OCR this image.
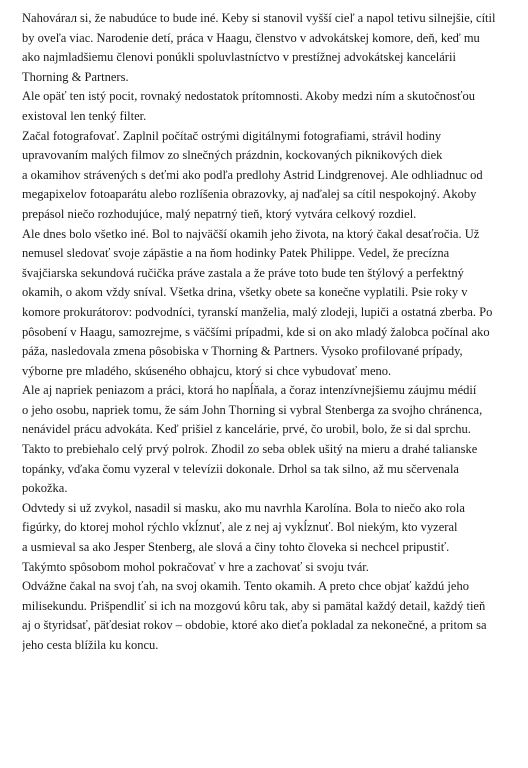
Nahovárал si, že nabudúce to bude iné. Keby si stanovil vyšší cieľ a napol tetivu silnejšie, cítil
by oveľa viac. Narodenie detí, práca v Haagu, členstvo v advokátskej komore, deň, keď mu
ako najmladšiemu členovi ponúkli spoluvlastníctvo v prestížnej advokátskej kancelárii
Thorning & Partners.
Ale opäť ten istý pocit, rovnaký nedostatok prítomnosti. Akoby medzi ním a skutočnosťou
existoval len tenký filter.
Začal fotografovať. Zaplnil počítač ostrými digitálnymi fotografiami, strávil hodiny
upravovaním malých filmov zo slnečných prázdnin, kockovaných piknikových diek
a okamihov strávených s deťmi ako podľa predlohy Astrid Lindgrenovej. Ale odhliadnuc od
megapixelov fotoaparátu alebo rozlíšenia obrazovky, aj naďalej sa cítil nespokojný. Akoby
prepásol niečo rozhodujúce, malý nepatrný tieň, ktorý vytvára celkový rozdiel.
Ale dnes bolo všetko iné. Bol to najväčší okamih jeho života, na ktorý čakal desaťročia. Už
nemusel sledovať svoje zápästie a na ňom hodinky Patek Philippe. Vedel, že precízna
švajčiarska sekundová ručička práve zastala a že práve toto bude ten štýlový a perfektný
okamih, o akom vždy sníval. Všetka drina, všetky obete sa konečne vyplatili. Psie roky v
komore prokurátorov: podvodníci, tyranskí manželia, malý zlodeji, lupiči a ostatná zberba. Po
pôsobení v Haagu, samozrejme, s väčšími prípadmi, kde si on ako mladý žalobca počínal ako
páža, nasledovala zmena pôsobiska v Thorning & Partners. Vysoko profilované prípady,
výborne pre mladého, skúseného obhajcu, ktorý si chce vybudovať meno.
Ale aj napriek peniazom a práci, ktorá ho napĺňala, a čoraz intenzívnejšiemu záujmu médií
o jeho osobu, napriek tomu, že sám John Thorning si vybral Stenberga za svojho chránenca,
nenávidel prácu advokáta. Keď prišiel z kancelárie, prvé, čo urobil, bolo, že si dal sprchu.
Takto to prebiehalo celý prvý polrok. Zhodil zo seba oblek ušitý na mieru a drahé talianske
topánky, vďaka čomu vyzeral v televízii dokonale. Drhol sa tak silno, až mu sčervenala
pokožka.
Odvtedy si už zvykol, nasadil si masku, ako mu navrhla Karolína. Bola to niečo ako rola
figúrky, do ktorej mohol rýchlo vkĺznuť, ale z nej aj vykĺznuť. Bol niekým, kto vyzeral
a usmieval sa ako Jesper Stenberg, ale slová a činy tohto človeka si nechcel pripustiť.
Takýmto spôsobom mohol pokračovať v hre a zachovať si svoju tvár.
Odvážne čakal na svoj ťah, na svoj okamih. Tento okamih. A preto chce objať každú jeho
milisekundu. Prišpendliť si ich na mozgovú kôru tak, aby si pamätal každý detail, každý tieň
aj o štyridsať, päťdesiat rokov – obdobie, ktoré ako dieťa pokladal za nekonečné, a pritom sa
jeho cesta blížila ku koncu.
